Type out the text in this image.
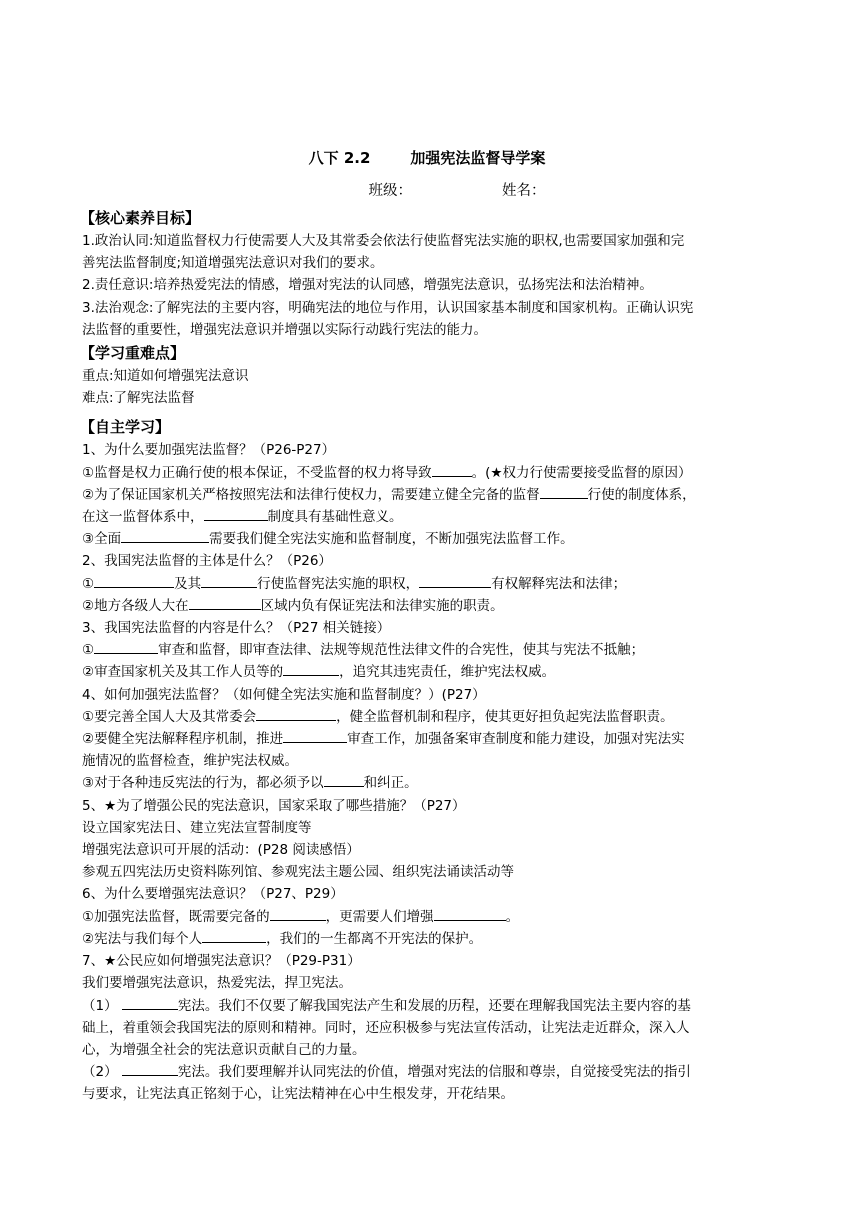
八下 2.2	加强宪法监督导学案
班级：	姓名：
【核心素养目标】
1.政治认同:知道监督权力行使需要人大及其常委会依法行使监督宪法实施的职权,也需要国家加强和完
善宪法监督制度;知道增强宪法意识对我们的要求。
2.责任意识:培养热爱宪法的情感，增强对宪法的认同感，增强宪法意识，弘扬宪法和法治精神。
3.法治观念:了解宪法的主要内容，明确宪法的地位与作用，认识国家基本制度和国家机构。正确认识宪
法监督的重要性，增强宪法意识并增强以实际行动践行宪法的能力。
【学习重难点】
重点:知道如何增强宪法意识
难点:了解宪法监督
【自主学习】
1、为什么要加强宪法监督？（P26-P27）
①监督是权力正确行使的根本保证，不受监督的权力将导致	。(★权力行使需要接受监督的原因）
②为了保证国家机关严格按照宪法和法律行使权力，需要建立健全完备的监督	行使的制度体系，
在这一监督体系中，	制度具有基础性意义。
③全面	需要我们健全宪法实施和监督制度，不断加强宪法监督工作。
2、我国宪法监督的主体是什么？（P26）
①	及其	行使监督宪法实施的职权，	有权解释宪法和法律；
②地方各级人大在	区域内负有保证宪法和法律实施的职责。
3、我国宪法监督的内容是什么？（P27 相关链接）
①	审查和监督，即审查法律、法规等规范性法律文件的合宪性，使其与宪法不抵触；
②审查国家机关及其工作人员等的	，追究其违宪责任，维护宪法权威。
4、如何加强宪法监督？（如何健全宪法实施和监督制度？）(P27）
①要完善全国人大及其常委会	，健全监督机制和程序，使其更好担负起宪法监督职责。
②要健全宪法解释程序机制，推进	审查工作，加强备案审查制度和能力建设，加强对宪法实
施情况的监督检查，维护宪法权威。
③对于各种违反宪法的行为，都必须予以	和纠正。
5、★为了增强公民的宪法意识，国家采取了哪些措施？（P27）
设立国家宪法日、建立宪法宣誓制度等
增强宪法意识可开展的活动：(P28 阅读感悟）
参观五四宪法历史资料陈列馆、参观宪法主题公园、组织宪法诵读活动等
6、为什么要增强宪法意识？（P27、P29）
①加强宪法监督，既需要完备的	，更需要人们增强	。
②宪法与我们每个人	，我们的一生都离不开宪法的保护。
7、★公民应如何增强宪法意识？（P29-P31）
我们要增强宪法意识，热爱宪法，捍卫宪法。
（1）	宪法。我们不仅要了解我国宪法产生和发展的历程，还要在理解我国宪法主要内容的基
础上，着重领会我国宪法的原则和精神。同时，还应积极参与宪法宣传活动，让宪法走近群众，深入人
心，为增强全社会的宪法意识贡献自己的力量。
（2）	宪法。我们要理解并认同宪法的价值，增强对宪法的信服和尊崇，自觉接受宪法的指引
与要求，让宪法真正铭刻于心，让宪法精神在心中生根发芽，开花结果。
